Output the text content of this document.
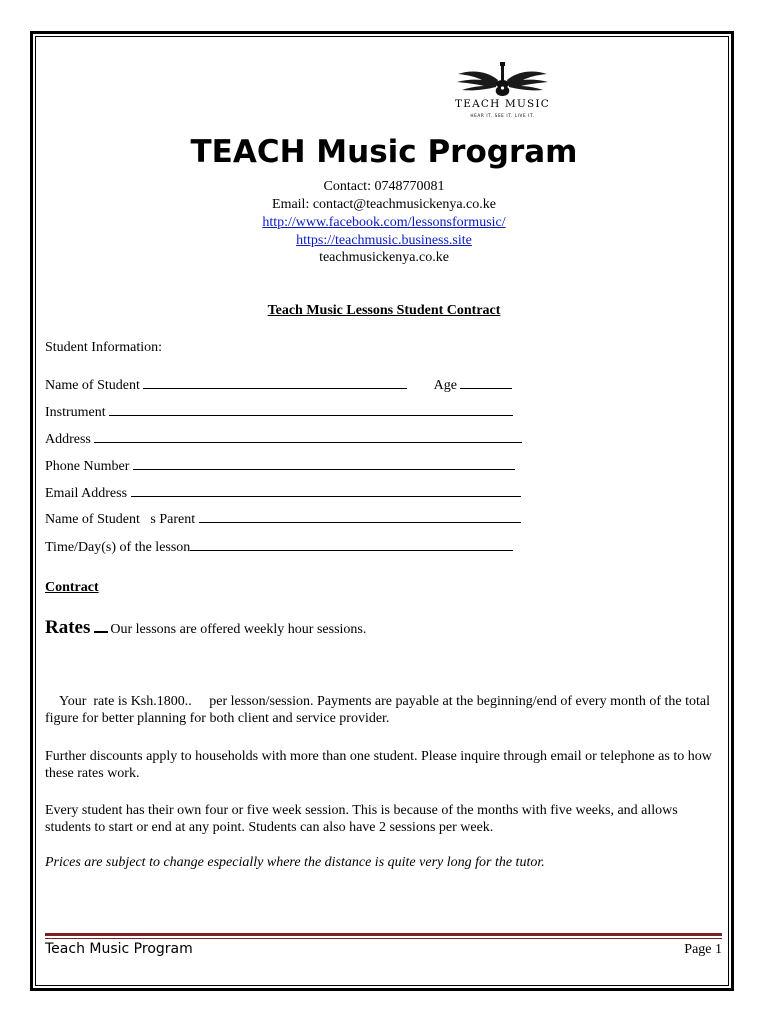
TEACH MUSIC
HEAR IT. SEE IT. LIVE IT.
TEACH Music Program
Contact: 0748770081
Email: contact@teachmusickenya.co.ke
http://www.facebook.com/lessonsformusic/
https://teachmusic.business.site
teachmusickenya.co.ke
Teach Music Lessons Student Contract
Student Information:
Name of Student	Age
Instrument
Address
Phone Number
Email Address
Name of Student   s Parent
Time/Day(s) of the lesson
Contract
Rates Our lessons are offered weekly hour sessions.
Your  rate is Ksh.1800..     per lesson/session. Payments are payable at the beginning/end of every month of the total figure for better planning for both client and service provider.
Further discounts apply to households with more than one student. Please inquire through email or telephone as to how these rates work.
Every student has their own four or five week session. This is because of the months with five weeks, and allows students to start or end at any point. Students can also have 2 sessions per week.
Prices are subject to change especially where the distance is quite very long for the tutor.
Teach Music Program	Page 1
